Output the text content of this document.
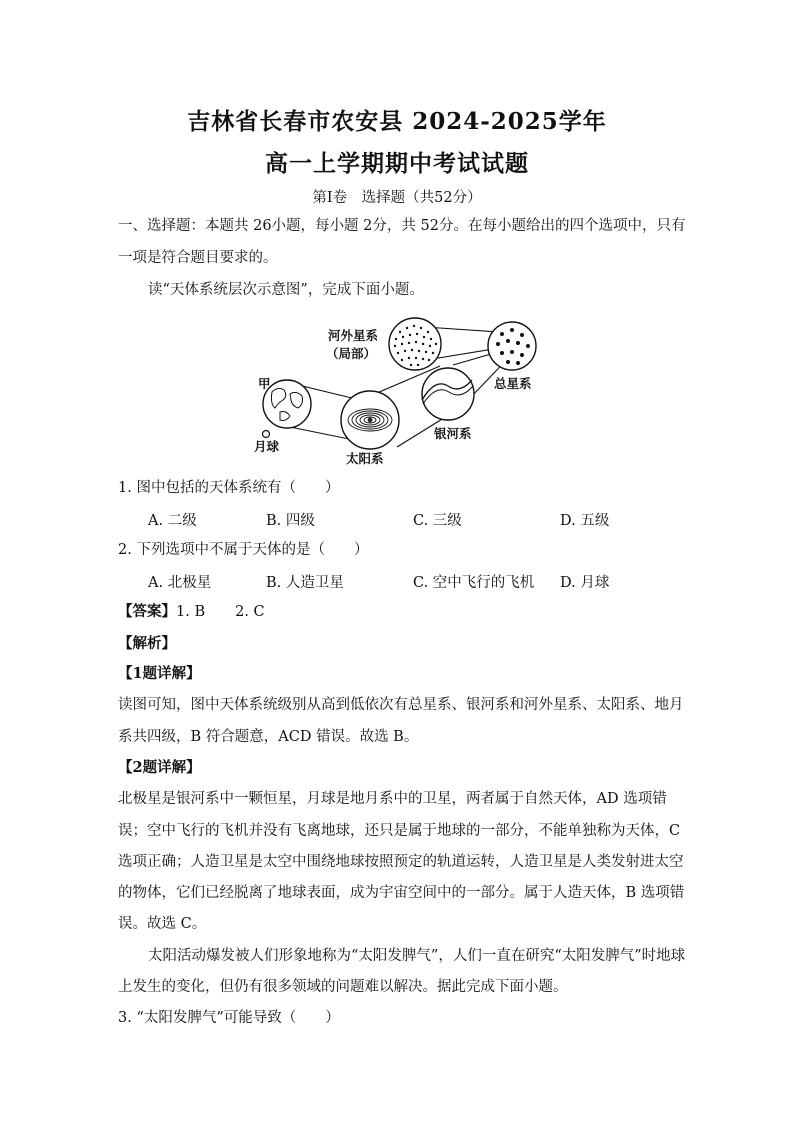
吉林省长春市农安县 2024-2025学年
高一上学期期中考试试题
第Ⅰ卷　选择题（共52分）
一、选择题：本题共 26小题，每小题 2分，共 52分。在每小题给出的四个选项中，只有
一项是符合题目要求的。
读“天体系统层次示意图”，完成下面小题。
河外星系
（局部）
甲
月球
太阳系
银河系
总星系
1. 图中包括的天体系统有（　　）
A. 二级	B. 四级	C. 三级	D. 五级
2. 下列选项中不属于天体的是（　　）
A. 北极星	B. 人造卫星	C. 空中飞行的飞机 D. 月球
【答案】1. B 2. C
【解析】
【1题详解】
读图可知，图中天体系统级别从高到低依次有总星系、银河系和河外星系、太阳系、地月
系共四级，B 符合题意，ACD 错误。故选 B。
【2题详解】
北极星是银河系中一颗恒星，月球是地月系中的卫星，两者属于自然天体，AD 选项错
误；空中飞行的飞机并没有飞离地球，还只是属于地球的一部分，不能单独称为天体，C
选项正确；人造卫星是太空中围绕地球按照预定的轨道运转，人造卫星是人类发射进太空
的物体，它们已经脱离了地球表面，成为宇宙空间中的一部分。属于人造天体，B 选项错
误。故选 C。
太阳活动爆发被人们形象地称为“太阳发脾气”，人们一直在研究“太阳发脾气”时地球
上发生的变化，但仍有很多领域的问题难以解决。据此完成下面小题。
3. “太阳发脾气”可能导致（　　）
